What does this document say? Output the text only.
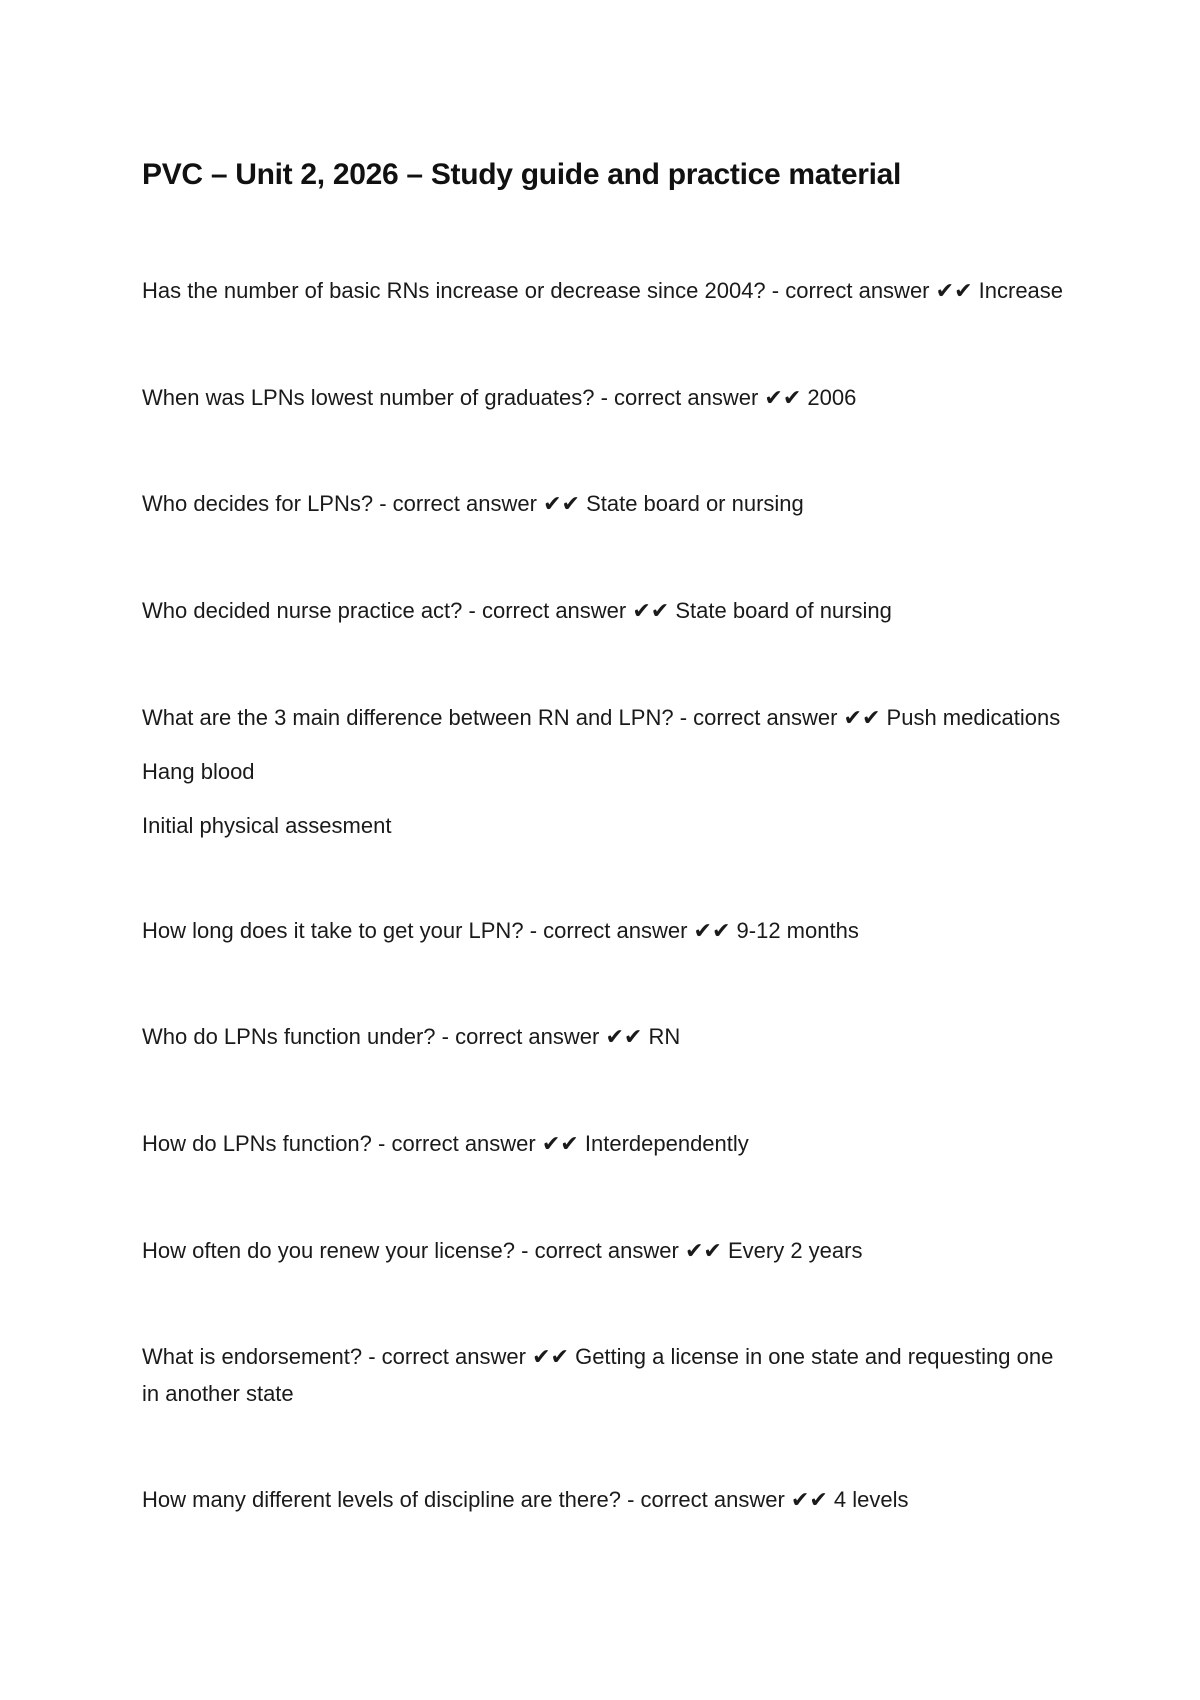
PVC – Unit 2, 2026 – Study guide and practice material
Has the number of basic RNs increase or decrease since 2004? - correct answer ✔✔ Increase
When was LPNs lowest number of graduates? - correct answer ✔✔ 2006
Who decides for LPNs? - correct answer ✔✔ State board or nursing
Who decided nurse practice act? - correct answer ✔✔ State board of nursing
What are the 3 main difference between RN and LPN? - correct answer ✔✔ Push medications
Hang blood
Initial physical assesment
How long does it take to get your LPN? - correct answer ✔✔ 9-12 months
Who do LPNs function under? - correct answer ✔✔ RN
How do LPNs function? - correct answer ✔✔ Interdependently
How often do you renew your license? - correct answer ✔✔ Every 2 years
What is endorsement? - correct answer ✔✔ Getting a license in one state and requesting one in another state
How many different levels of discipline are there? - correct answer ✔✔ 4 levels
